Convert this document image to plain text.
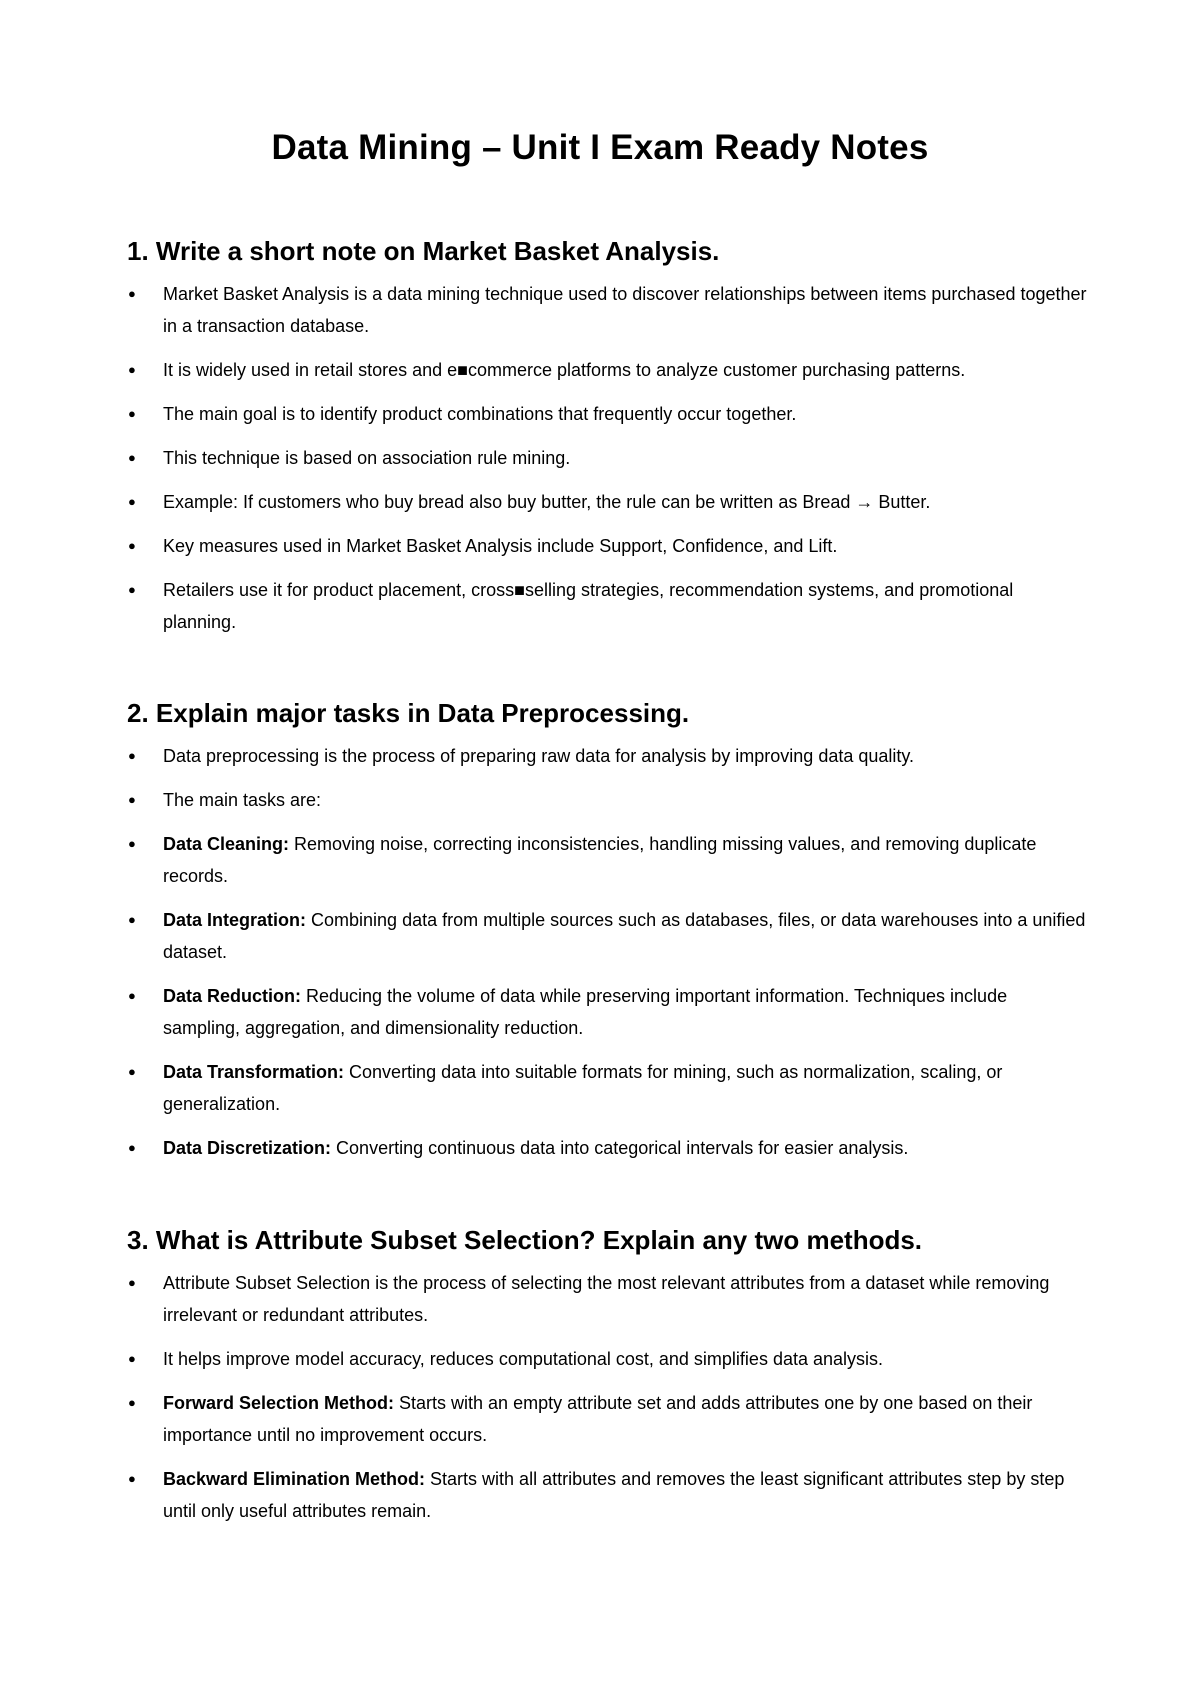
Data Mining – Unit I Exam Ready Notes
1. Write a short note on Market Basket Analysis.
●	Market Basket Analysis is a data mining technique used to discover relationships between items purchased together in a transaction database.
●	It is widely used in retail stores and e■commerce platforms to analyze customer purchasing patterns.
●	The main goal is to identify product combinations that frequently occur together.
●	This technique is based on association rule mining.
●	Example: If customers who buy bread also buy butter, the rule can be written as Bread → Butter.
●	Key measures used in Market Basket Analysis include Support, Confidence, and Lift.
●	Retailers use it for product placement, cross■selling strategies, recommendation systems, and promotional planning.
2. Explain major tasks in Data Preprocessing.
●	Data preprocessing is the process of preparing raw data for analysis by improving data quality.
●	The main tasks are:
●	Data Cleaning: Removing noise, correcting inconsistencies, handling missing values, and removing duplicate records.
●	Data Integration: Combining data from multiple sources such as databases, files, or data warehouses into a unified dataset.
●	Data Reduction: Reducing the volume of data while preserving important information. Techniques include sampling, aggregation, and dimensionality reduction.
●	Data Transformation: Converting data into suitable formats for mining, such as normalization, scaling, or generalization.
●	Data Discretization: Converting continuous data into categorical intervals for easier analysis.
3. What is Attribute Subset Selection? Explain any two methods.
●	Attribute Subset Selection is the process of selecting the most relevant attributes from a dataset while removing irrelevant or redundant attributes.
●	It helps improve model accuracy, reduces computational cost, and simplifies data analysis.
●	Forward Selection Method: Starts with an empty attribute set and adds attributes one by one based on their importance until no improvement occurs.
●	Backward Elimination Method: Starts with all attributes and removes the least significant attributes step by step until only useful attributes remain.
